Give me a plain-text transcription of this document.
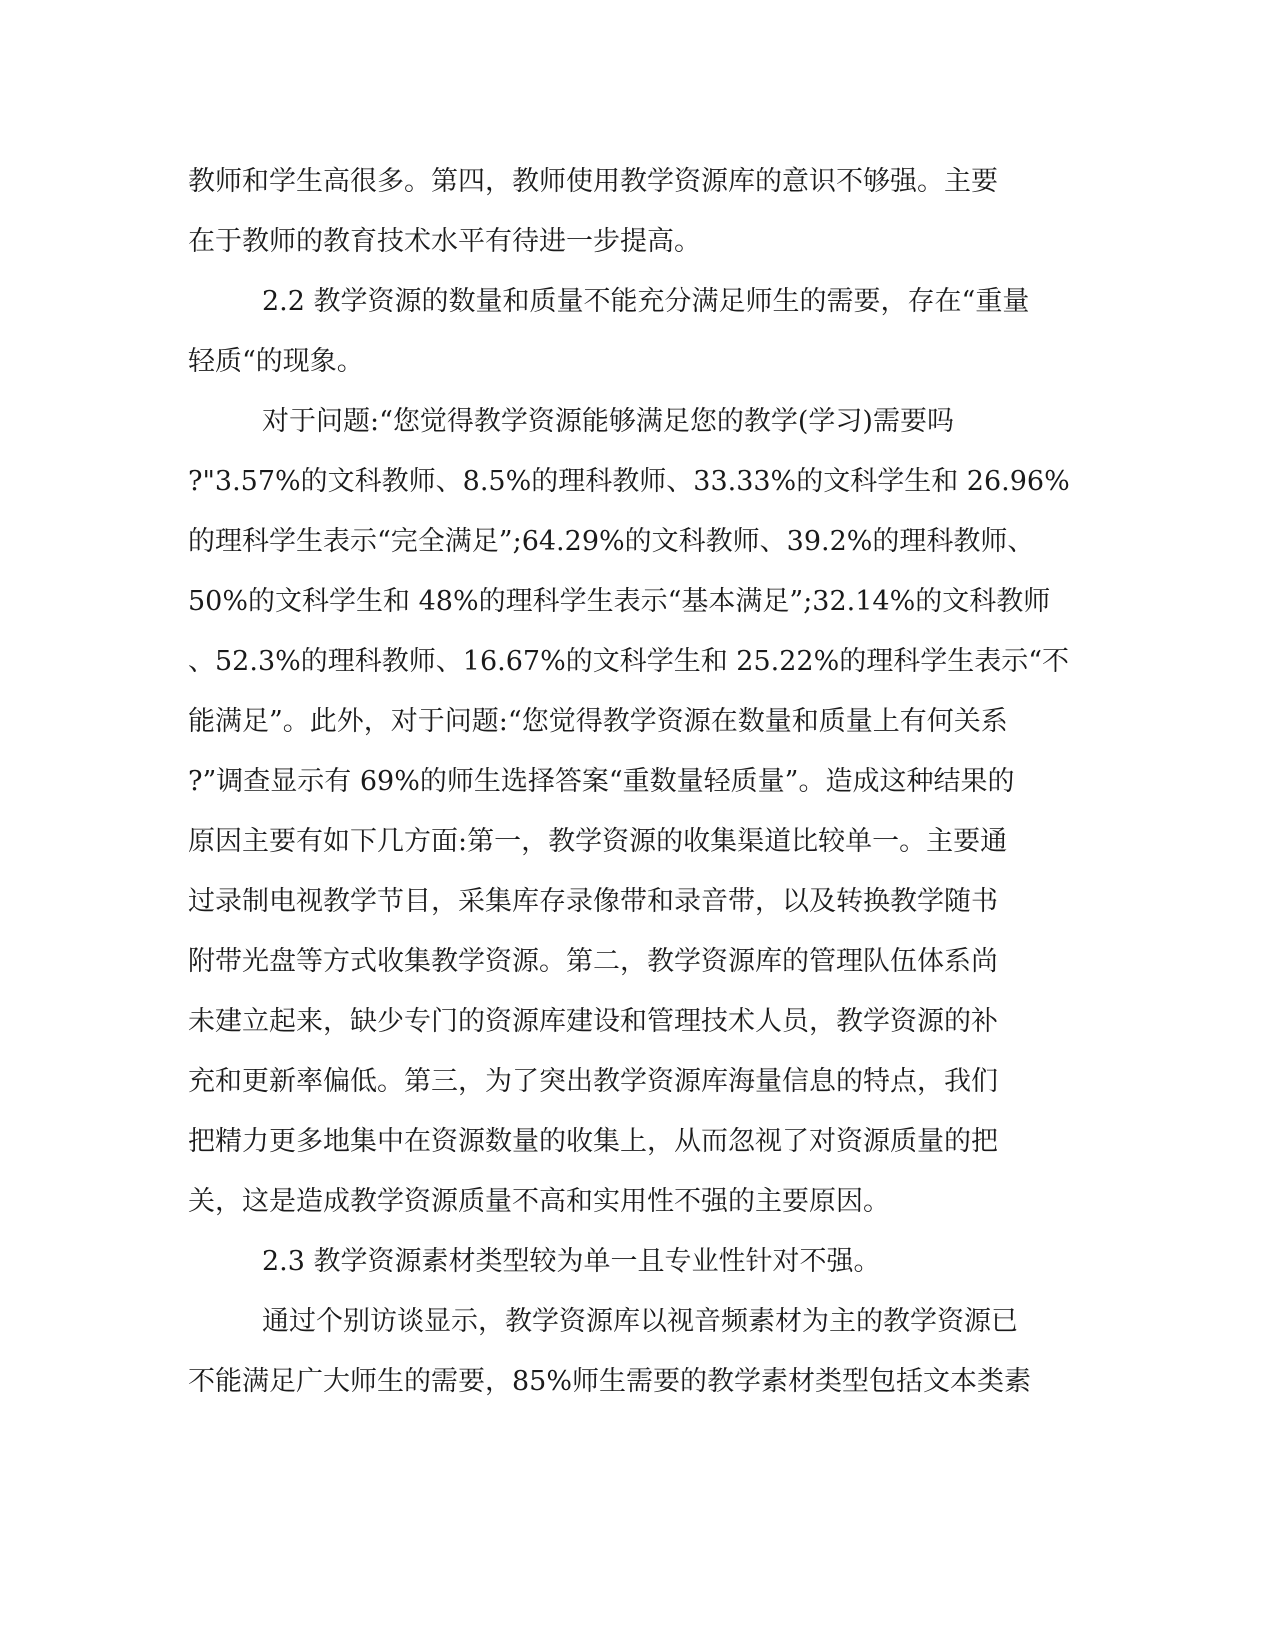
教师和学生高很多。第四，教师使用教学资源库的意识不够强。主要
在于教师的教育技术水平有待进一步提高。
2.2 教学资源的数量和质量不能充分满足师生的需要，存在“重量
轻质“的现象。
对于问题:“您觉得教学资源能够满足您的教学(学习)需要吗
?"3.57%的文科教师、8.5%的理科教师、33.33%的文科学生和 26.96%
的理科学生表示“完全满足”;64.29%的文科教师、39.2%的理科教师、
50%的文科学生和 48%的理科学生表示“基本满足”;32.14%的文科教师
、52.3%的理科教师、16.67%的文科学生和 25.22%的理科学生表示“不
能满足”。此外，对于问题:“您觉得教学资源在数量和质量上有何关系
?”调查显示有 69%的师生选择答案“重数量轻质量”。造成这种结果的
原因主要有如下几方面:第一，教学资源的收集渠道比较单一。主要通
过录制电视教学节目，采集库存录像带和录音带，以及转换教学随书
附带光盘等方式收集教学资源。第二，教学资源库的管理队伍体系尚
未建立起来，缺少专门的资源库建设和管理技术人员，教学资源的补
充和更新率偏低。第三，为了突出教学资源库海量信息的特点，我们
把精力更多地集中在资源数量的收集上，从而忽视了对资源质量的把
关，这是造成教学资源质量不高和实用性不强的主要原因。
2.3 教学资源素材类型较为单一且专业性针对不强。
通过个别访谈显示，教学资源库以视音频素材为主的教学资源已
不能满足广大师生的需要，85%师生需要的教学素材类型包括文本类素
